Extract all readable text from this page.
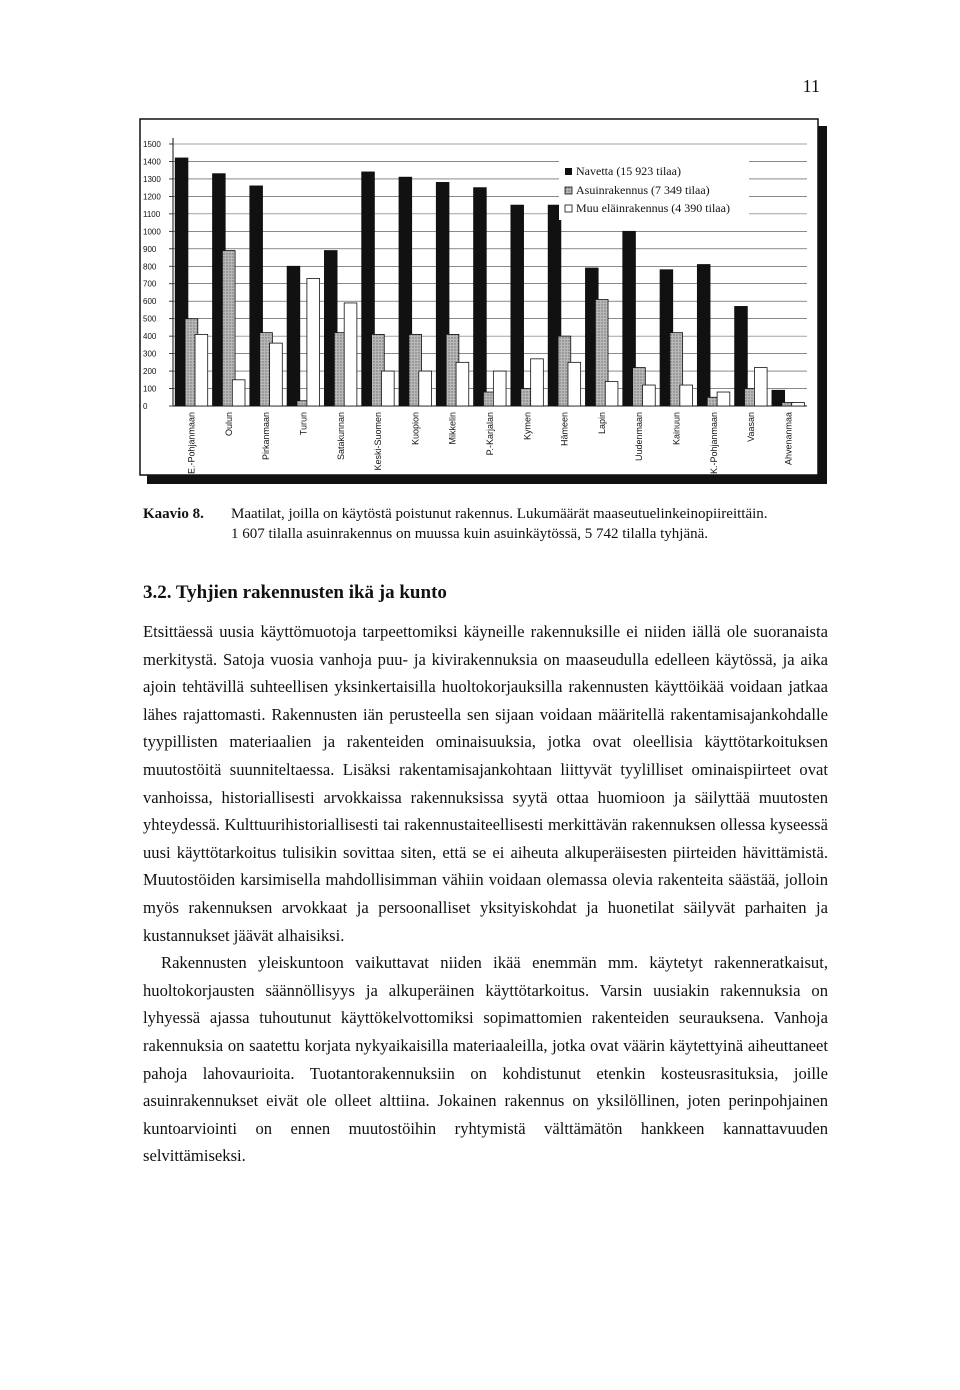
11
0
100
200
300
400
500
600
700
800
900
1000
1100
1200
1300
1400
1500
E.-Pohjanmaan	Oulun	Pirkanmaan	Turun	Satakunnan	Keski-Suomen	Kuopion	Mikkelin	P.-Karjalan	Kymen	Hämeen	Lapin	Uudenmaan	Kainuun	K.-Pohjanmaan	Vaasan	Ahvenanmaa
Navetta (15 923 tilaa)
Asuinrakennus (7 349 tilaa)
Muu eläinrakennus (4 390 tilaa)
Kaavio 8. Maatilat, joilla on käytöstä poistunut rakennus. Lukumäärät maaseutuelinkeinopiireittäin.
1 607 tilalla asuinrakennus on muussa kuin asuinkäytössä, 5 742 tilalla tyhjänä.
3.2. Tyhjien rakennusten ikä ja kunto

Etsittäessä uusia käyttömuotoja tarpeettomiksi käyneille rakennuksille ei niiden iällä ole suoranaista merkitystä. Satoja vuosia vanhoja puu- ja kivirakennuksia on maaseudulla edelleen käytössä, ja aika ajoin tehtävillä suhteellisen yksinkertaisilla huoltokorjauksilla rakennusten käyttöikää voidaan jatkaa lähes rajattomasti. Rakennusten iän perusteella sen sijaan voidaan määritellä rakentamisajankohdalle tyypillisten materiaalien ja rakenteiden ominaisuuksia, jotka ovat oleellisia käyttötarkoituksen muutostöitä suunniteltaessa. Lisäksi rakentamisajankohtaan liittyvät tyylilliset ominaispiirteet ovat vanhoissa, historiallisesti arvokkaissa rakennuksissa syytä ottaa huomioon ja säilyttää muutosten yhteydessä. Kulttuurihistoriallisesti tai rakennustaiteellisesti merkittävän rakennuksen ollessa kyseessä uusi käyttötarkoitus tulisikin sovittaa siten, että se ei aiheuta alkuperäisesten piirteiden hävittämistä. Muutostöiden karsimisella mahdollisimman vähiin voidaan olemassa olevia rakenteita säästää, jolloin myös rakennuksen arvokkaat ja persoonalliset yksityiskohdat ja huonetilat säilyvät parhaiten ja kustannukset jäävät alhaisiksi.

Rakennusten yleiskuntoon vaikuttavat niiden ikää enemmän mm. käytetyt rakenneratkaisut, huoltokorjausten säännöllisyys ja alkuperäinen käyttötarkoitus. Varsin uusiakin rakennuksia on lyhyessä ajassa tuhoutunut käyttökelvottomiksi sopimattomien rakenteiden seurauksena. Vanhoja rakennuksia on saatettu korjata nykyaikaisilla materiaaleilla, jotka ovat väärin käytettyinä aiheuttaneet pahoja lahovaurioita. Tuotantorakennuksiin on kohdistunut etenkin kosteusrasituksia, joille asuinrakennukset eivät ole olleet alttiina. Jokainen rakennus on yksilöllinen, joten perinpohjainen kuntoarviointi on ennen muutostöihin ryhtymistä välttämätön hankkeen kannattavuuden selvittämiseksi.
